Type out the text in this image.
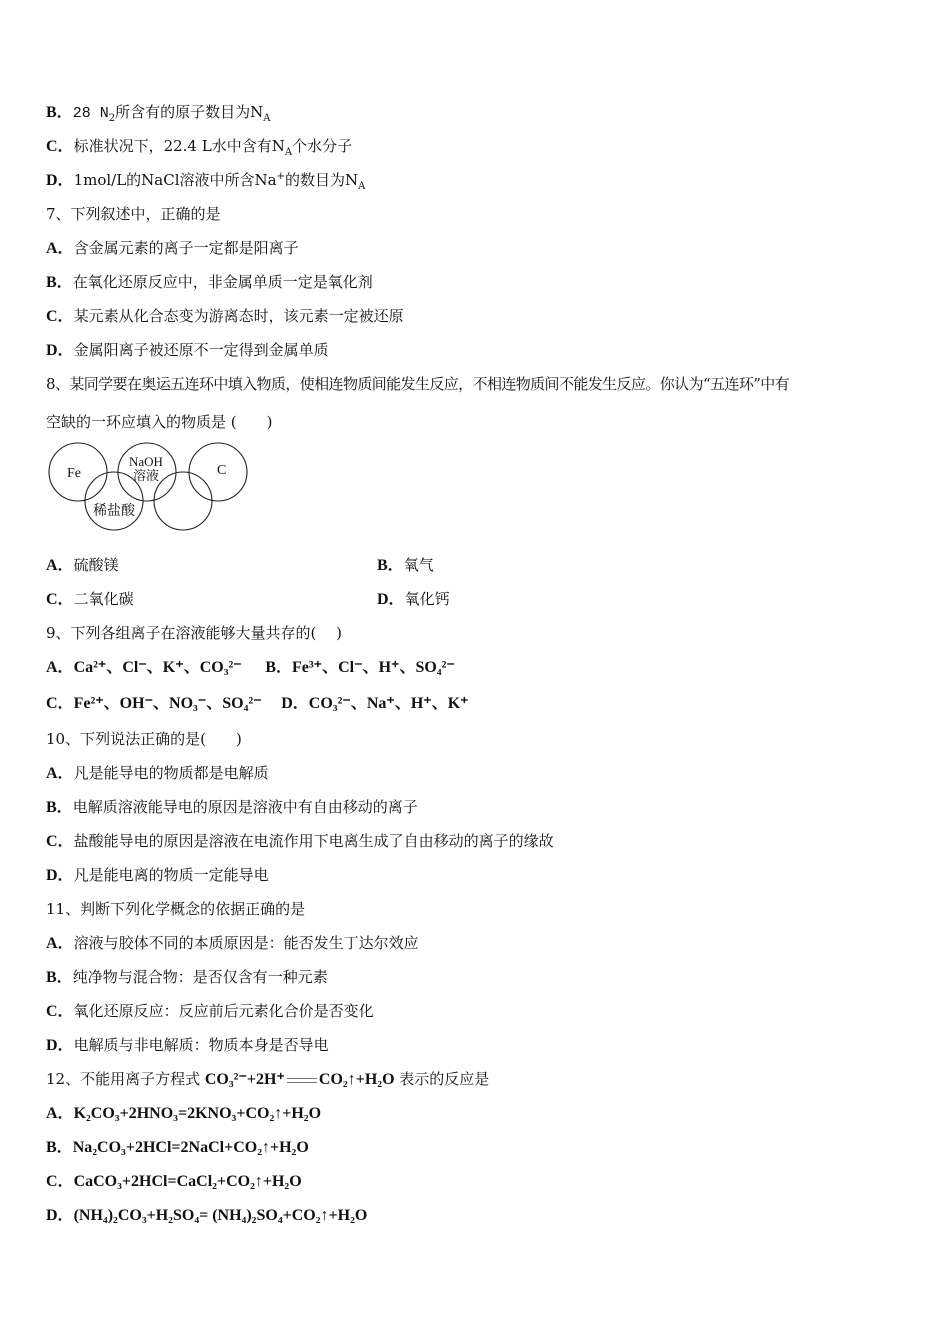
B．28 $N_2$所含有的原子数目为$N_A$
C．标准状况下，22.4 L水中含有$N_A$个水分子
D．1mol/L的NaCl溶液中所含Na+的数目为$N_A$
7、下列叙述中，正确的是
A．含金属元素的离子一定都是阳离子
B．在氧化还原反应中，非金属单质一定是氧化剂
C．某元素从化合态变为游离态时，该元素一定被还原
D．金属阳离子被还原不一定得到金属单质
8、某同学要在奥运五连环中填入物质，使相连物质间能发生反应，不相连物质间不能发生反应。你认为“五连环”中有
空缺的一环应填入的物质是 (　　)
Fe
稀盐酸
NaOH
溶液	C
A．硫酸镁	B．氧气
C．二氧化碳	D．氧化钙
9、下列各组离子在溶液能够大量共存的(　 )
A．Ca²⁺、Cl⁻、K⁺、CO₃²⁻ B．Fe³⁺、Cl⁻、H⁺、SO₄²⁻
C．Fe²⁺、OH⁻、NO₃⁻、SO₄²⁻ D．CO₃²⁻、Na⁺、H⁺、K⁺
10、下列说法正确的是(　　)
A．凡是能导电的物质都是电解质
B．电解质溶液能导电的原因是溶液中有自由移动的离子
C．盐酸能导电的原因是溶液在电流作用下电离生成了自由移动的离子的缘故
D．凡是能电离的物质一定能导电
11、判断下列化学概念的依据正确的是
A．溶液与胶体不同的本质原因是：能否发生丁达尔效应
B．纯净物与混合物：是否仅含有一种元素
C．氧化还原反应：反应前后元素化合价是否变化
D．电解质与非电解质：物质本身是否导电
12、不能用离子方程式 CO₃²⁻+2H⁺ CO₂↑+H₂O 表示的反应是
A．K₂CO₃+2HNO₃=2KNO₃+CO₂↑+H₂O
B．Na₂CO₃+2HCl=2NaCl+CO₂↑+H₂O
C．CaCO₃+2HCl=CaCl₂+CO₂↑+H₂O
D．(NH₄)₂CO₃+H₂SO₄= (NH₄)₂SO₄+CO₂↑+H₂O
